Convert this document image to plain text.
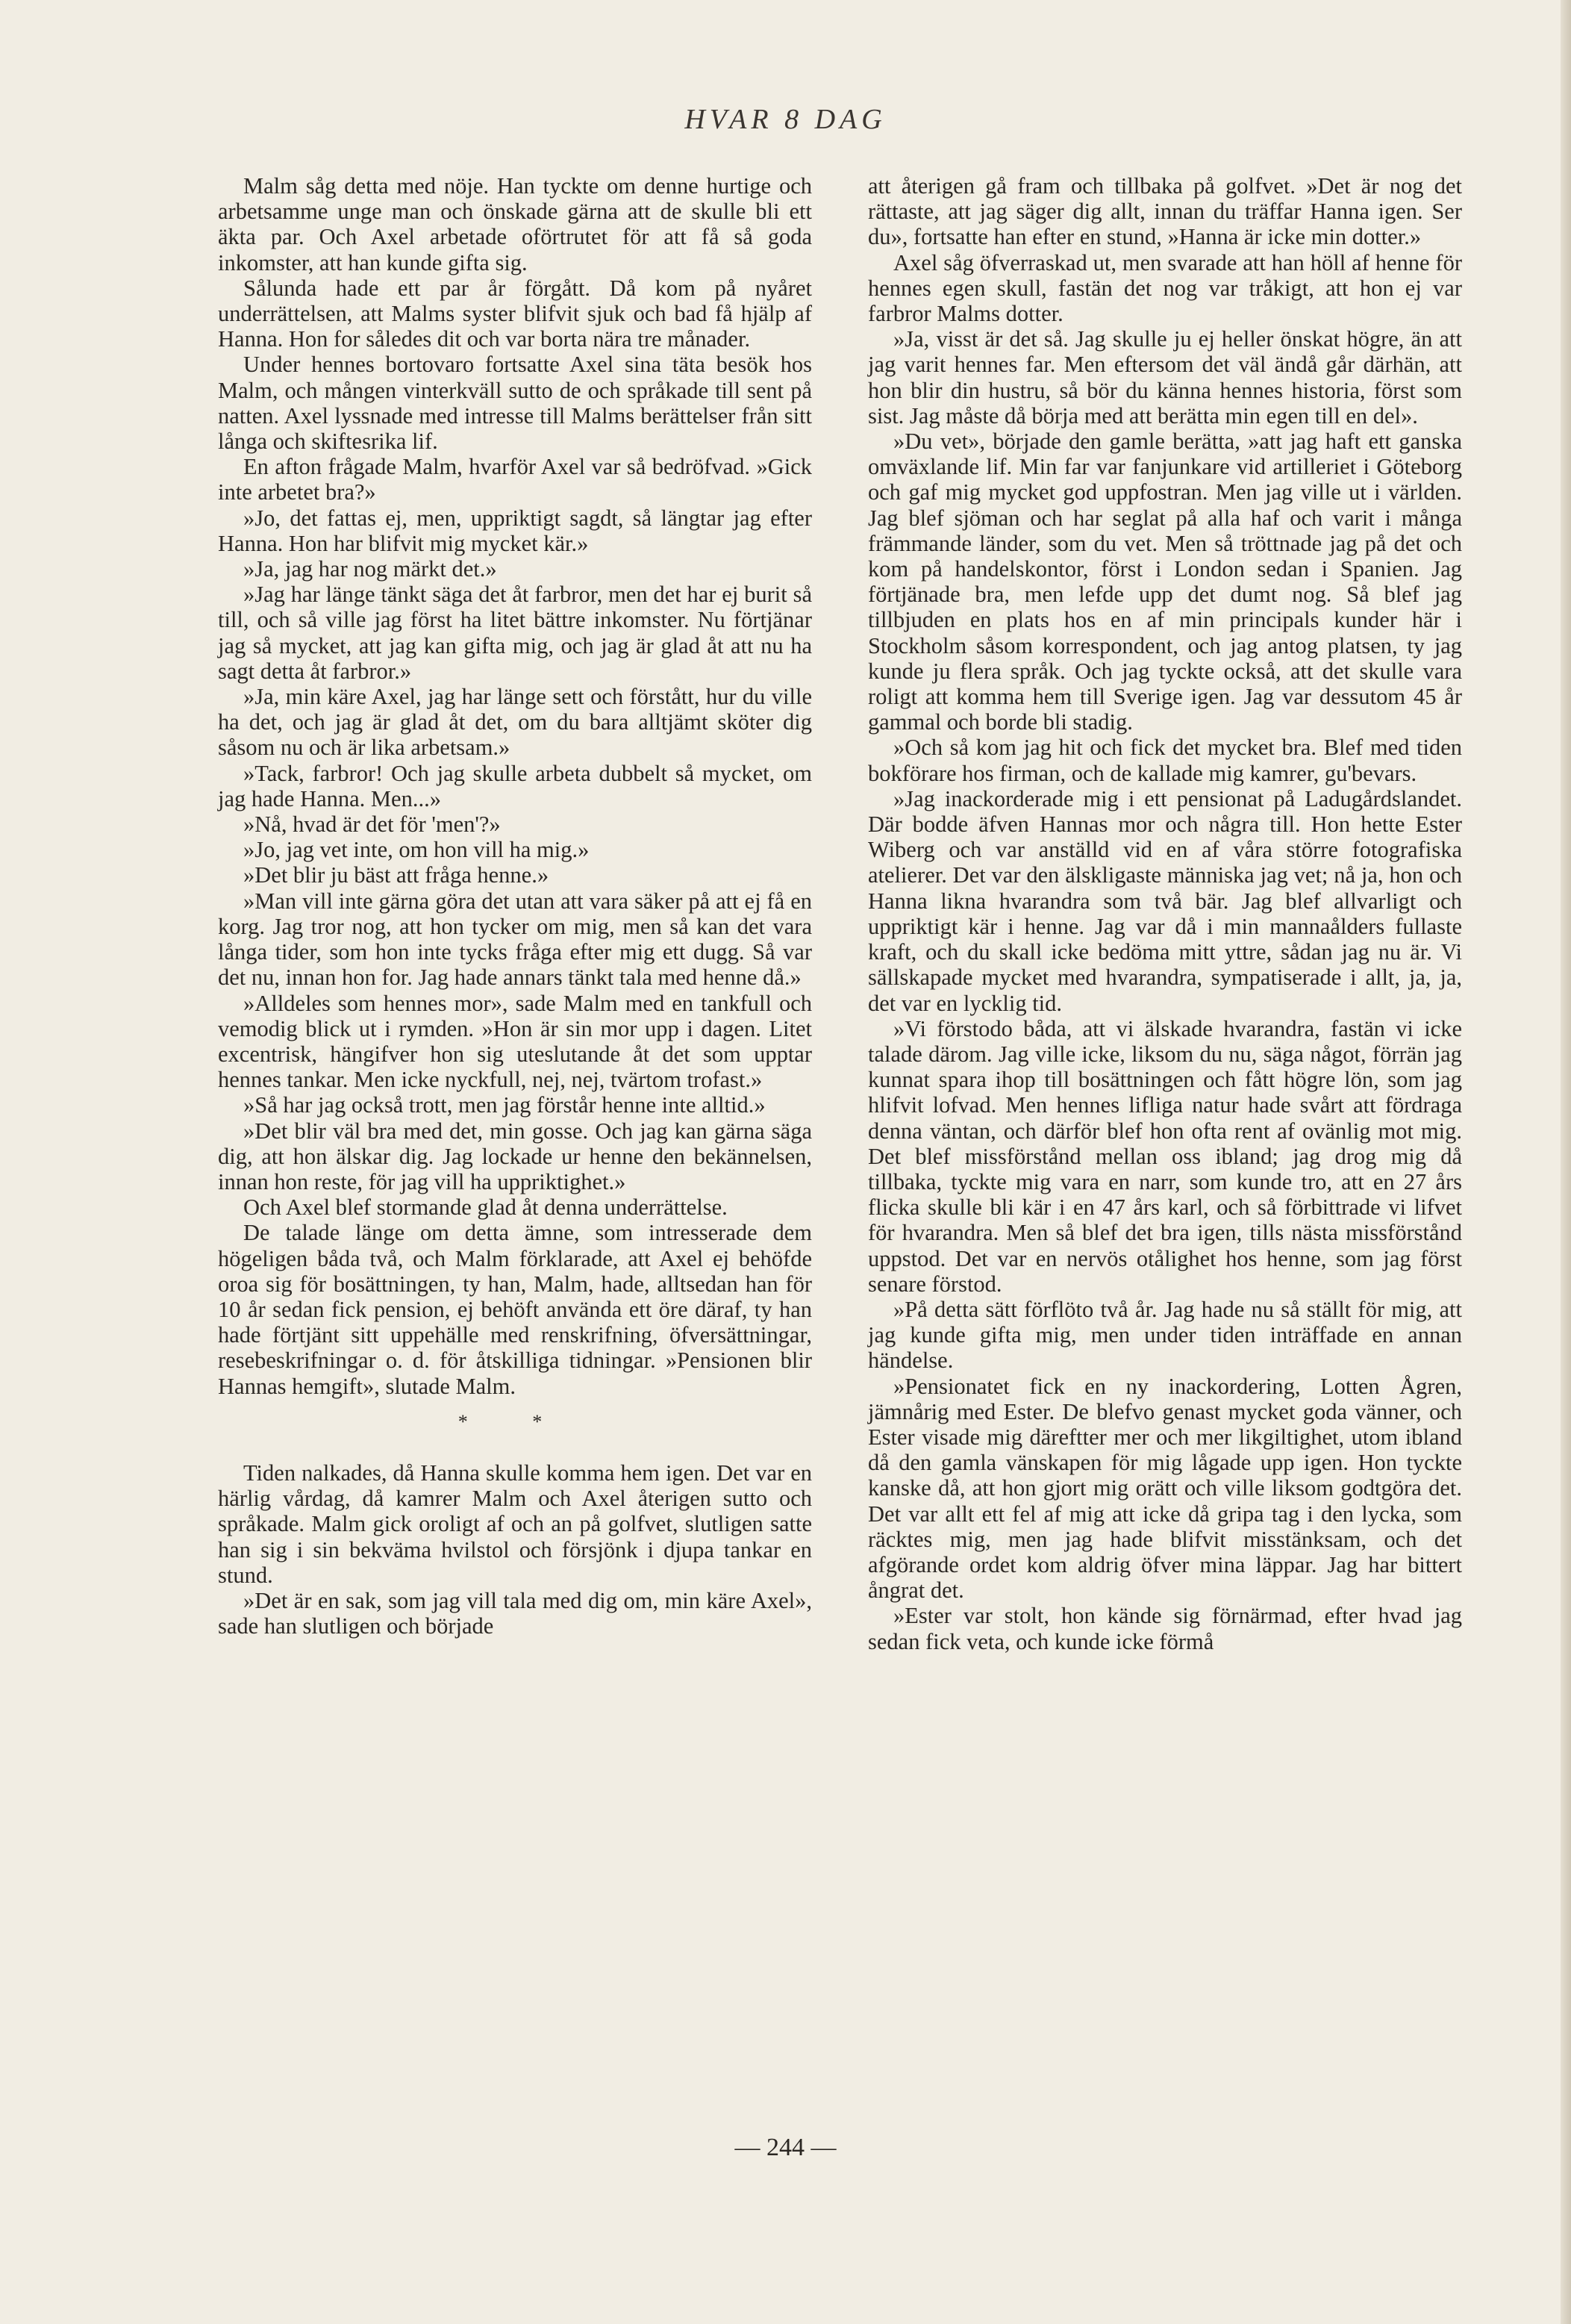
HVAR 8 DAG

Malm såg detta med nöje. Han tyckte om denne hurtige och arbetsamme unge man och önskade gärna att de skulle bli ett äkta par. Och Axel arbetade oförtrutet för att få så goda inkomster, att han kunde gifta sig.

Sålunda hade ett par år förgått. Då kom på nyåret underrättelsen, att Malms syster blifvit sjuk och bad få hjälp af Hanna. Hon for således dit och var borta nära tre månader.

Under hennes bortovaro fortsatte Axel sina täta besök hos Malm, och mången vinterkväll sutto de och språkade till sent på natten. Axel lyssnade med intresse till Malms berättelser från sitt långa och skiftesrika lif.

En afton frågade Malm, hvarför Axel var så bedröfvad. »Gick inte arbetet bra?»

»Jo, det fattas ej, men, uppriktigt sagdt, så längtar jag efter Hanna. Hon har blifvit mig mycket kär.»

»Ja, jag har nog märkt det.»

»Jag har länge tänkt säga det åt farbror, men det har ej burit så till, och så ville jag först ha litet bättre inkomster. Nu förtjänar jag så mycket, att jag kan gifta mig, och jag är glad åt att nu ha sagt detta åt farbror.»

»Ja, min käre Axel, jag har länge sett och förstått, hur du ville ha det, och jag är glad åt det, om du bara alltjämt sköter dig såsom nu och är lika arbetsam.»

»Tack, farbror! Och jag skulle arbeta dubbelt så mycket, om jag hade Hanna. Men...»

»Nå, hvad är det för 'men'?»

»Jo, jag vet inte, om hon vill ha mig.»

»Det blir ju bäst att fråga henne.»

»Man vill inte gärna göra det utan att vara säker på att ej få en korg. Jag tror nog, att hon tycker om mig, men så kan det vara långa tider, som hon inte tycks fråga efter mig ett dugg. Så var det nu, innan hon for. Jag hade annars tänkt tala med henne då.»

»Alldeles som hennes mor», sade Malm med en tankfull och vemodig blick ut i rymden. »Hon är sin mor upp i dagen. Litet excentrisk, hängifver hon sig uteslutande åt det som upptar hennes tankar. Men icke nyckfull, nej, nej, tvärtom trofast.»

»Så har jag också trott, men jag förstår henne inte alltid.»

»Det blir väl bra med det, min gosse. Och jag kan gärna säga dig, att hon älskar dig. Jag lockade ur henne den bekännelsen, innan hon reste, för jag vill ha uppriktighet.»

Och Axel blef stormande glad åt denna underrättelse.

De talade länge om detta ämne, som intresserade dem högeligen båda två, och Malm förklarade, att Axel ej behöfde oroa sig för bosättningen, ty han, Malm, hade, alltsedan han för 10 år sedan fick pension, ej behöft använda ett öre däraf, ty han hade förtjänt sitt uppehälle med renskrifning, öfversättningar, resebeskrifningar o. d. för åtskilliga tidningar. »Pensionen blir Hannas hemgift», slutade Malm.

* *

Tiden nalkades, då Hanna skulle komma hem igen. Det var en härlig vårdag, då kamrer Malm och Axel återigen sutto och språkade. Malm gick oroligt af och an på golfvet, slutligen satte han sig i sin bekväma hvilstol och försjönk i djupa tankar en stund.

»Det är en sak, som jag vill tala med dig om, min käre Axel», sade han slutligen och började

att återigen gå fram och tillbaka på golfvet. »Det är nog det rättaste, att jag säger dig allt, innan du träffar Hanna igen. Ser du», fortsatte han efter en stund, »Hanna är icke min dotter.»

Axel såg öfverraskad ut, men svarade att han höll af henne för hennes egen skull, fastän det nog var tråkigt, att hon ej var farbror Malms dotter.

»Ja, visst är det så. Jag skulle ju ej heller önskat högre, än att jag varit hennes far. Men eftersom det väl ändå går därhän, att hon blir din hustru, så bör du känna hennes historia, först som sist. Jag måste då börja med att berätta min egen till en del».

»Du vet», började den gamle berätta, »att jag haft ett ganska omväxlande lif. Min far var fanjunkare vid artilleriet i Göteborg och gaf mig mycket god uppfostran. Men jag ville ut i världen. Jag blef sjöman och har seglat på alla haf och varit i många främmande länder, som du vet. Men så tröttnade jag på det och kom på handelskontor, först i London sedan i Spanien. Jag förtjänade bra, men lefde upp det dumt nog. Så blef jag tillbjuden en plats hos en af min principals kunder här i Stockholm såsom korrespondent, och jag antog platsen, ty jag kunde ju flera språk. Och jag tyckte också, att det skulle vara roligt att komma hem till Sverige igen. Jag var dessutom 45 år gammal och borde bli stadig.

»Och så kom jag hit och fick det mycket bra. Blef med tiden bokförare hos firman, och de kallade mig kamrer, gu'bevars.

»Jag inackorderade mig i ett pensionat på Ladugårdslandet. Där bodde äfven Hannas mor och några till. Hon hette Ester Wiberg och var anställd vid en af våra större fotografiska atelierer. Det var den älskligaste människa jag vet; nå ja, hon och Hanna likna hvarandra som två bär. Jag blef allvarligt och uppriktigt kär i henne. Jag var då i min mannaålders fullaste kraft, och du skall icke bedöma mitt yttre, sådan jag nu är. Vi sällskapade mycket med hvarandra, sympatiserade i allt, ja, ja, det var en lycklig tid.

»Vi förstodo båda, att vi älskade hvarandra, fastän vi icke talade därom. Jag ville icke, liksom du nu, säga något, förrän jag kunnat spara ihop till bosättningen och fått högre lön, som jag hlifvit lofvad. Men hennes lifliga natur hade svårt att fördraga denna väntan, och därför blef hon ofta rent af ovänlig mot mig. Det blef missförstånd mellan oss ibland; jag drog mig då tillbaka, tyckte mig vara en narr, som kunde tro, att en 27 års flicka skulle bli kär i en 47 års karl, och så förbittrade vi lifvet för hvarandra. Men så blef det bra igen, tills nästa missförstånd uppstod. Det var en nervös otålighet hos henne, som jag först senare förstod.

»På detta sätt förflöto två år. Jag hade nu så ställt för mig, att jag kunde gifta mig, men under tiden inträffade en annan händelse.

»Pensionatet fick en ny inackordering, Lotten Ågren, jämnårig med Ester. De blefvo genast mycket goda vänner, och Ester visade mig däreftter mer och mer likgiltighet, utom ibland då den gamla vänskapen för mig lågade upp igen. Hon tyckte kanske då, att hon gjort mig orätt och ville liksom godtgöra det. Det var allt ett fel af mig att icke då gripa tag i den lycka, som räcktes mig, men jag hade blifvit misstänksam, och det afgörande ordet kom aldrig öfver mina läppar. Jag har bittert ångrat det.

»Ester var stolt, hon kände sig förnärmad, efter hvad jag sedan fick veta, och kunde icke förmå

— 244 —
